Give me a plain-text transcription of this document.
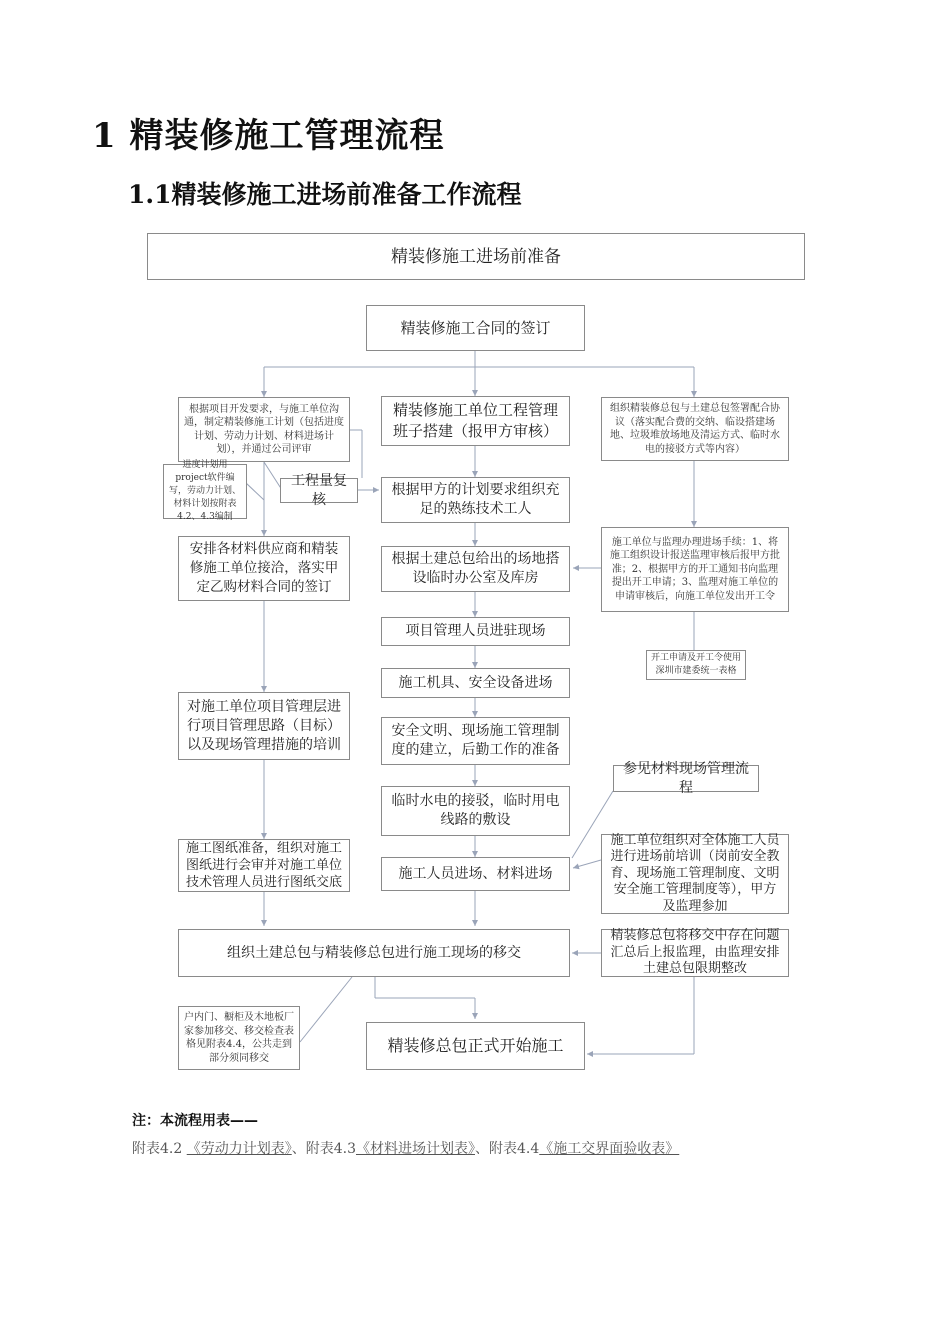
1 精装修施工管理流程
1.1精装修施工进场前准备工作流程
精装修施工进场前准备
精装修施工合同的签订
根据项目开发要求，与施工单位沟通，制定精装修施工计划（包括进度计划、劳动力计划、材料进场计划），并通过公司评审
精装修施工单位工程管理班子搭建（报甲方审核）
组织精装修总包与土建总包签署配合协议（落实配合费的交纳、临设搭建场地、垃圾堆放场地及清运方式、临时水电的接驳方式等内容）
进度计划用project软件编写，劳动力计划、材料计划按附表4.2、4.3编制
工程量复核
根据甲方的计划要求组织充足的熟练技术工人
安排各材料供应商和精装修施工单位接洽，落实甲定乙购材料合同的签订
施工单位与监理办理进场手续：1、将施工组织设计报送监理审核后报甲方批准；2、根据甲方的开工通知书向监理提出开工申请；3、监理对施工单位的申请审核后，向施工单位发出开工令
根据土建总包给出的场地搭设临时办公室及库房
项目管理人员进驻现场
开工申请及开工令使用深圳市建委统一表格
施工机具、安全设备进场
对施工单位项目管理层进行项目管理思路（目标）以及现场管理措施的培训
安全文明、现场施工管理制度的建立，后勤工作的准备
参见材料现场管理流程
临时水电的接驳，临时用电线路的敷设
施工图纸准备，组织对施工图纸进行会审并对施工单位技术管理人员进行图纸交底
施工单位组织对全体施工人员进行进场前培训（岗前安全教育、现场施工管理制度、文明安全施工管理制度等），甲方及监理参加
施工人员进场、材料进场
组织土建总包与精装修总包进行施工现场的移交
精装修总包将移交中存在问题汇总后上报监理，由监理安排土建总包限期整改
户内门、橱柜及木地板厂家参加移交、移交检查表格见附表4.4，公共走到部分须同移交
精装修总包正式开始施工
注：本流程用表——
附表4.2 《劳动力计划表》、附表4.3《材料进场计划表》、附表4.4《施工交界面验收表》
